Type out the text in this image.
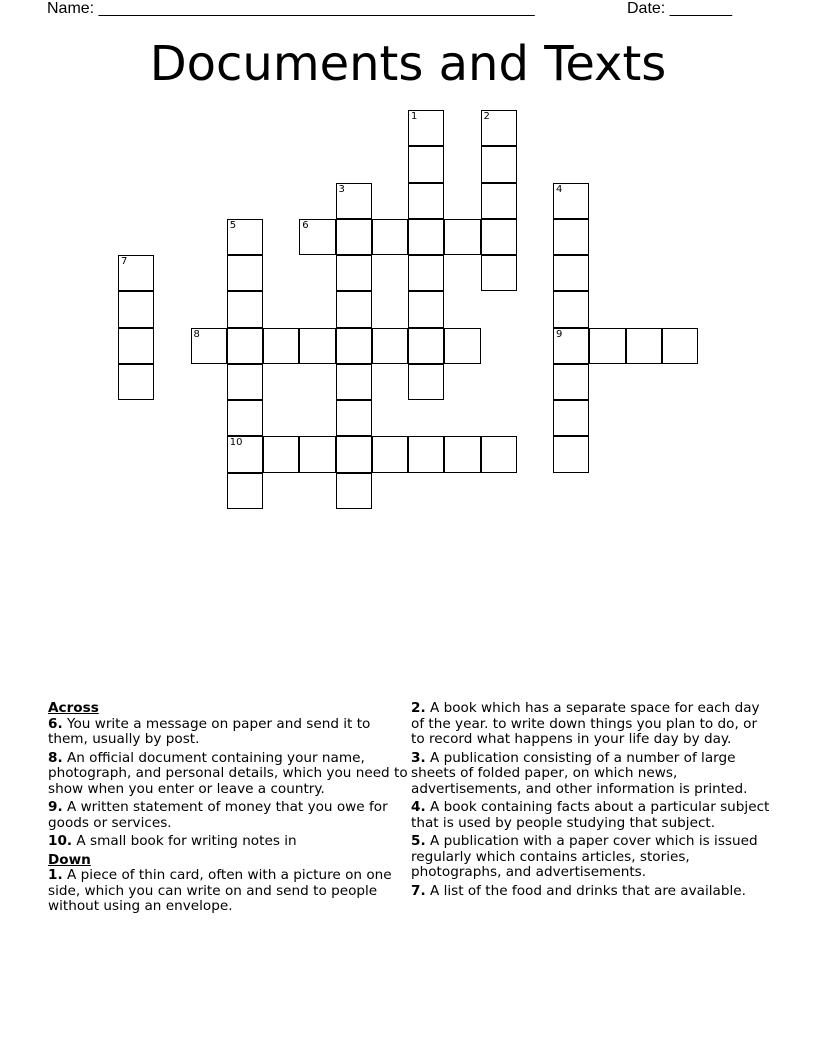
Name: _________________________________________________	Date: _______
Documents and Texts
1	2
3	4
9
5
10
6
7
8
Across
6. You write a message on paper and send it to them, usually by post.
8. An official document containing your name, photograph, and personal details, which you need to show when you enter or leave a country.
9. A written statement of money that you owe for goods or services.
10. A small book for writing notes in
Down
1. A piece of thin card, often with a picture on one side, which you can write on and send to people without using an envelope.
2. A book which has a separate space for each day of the year. to write down things you plan to do, or to record what happens in your life day by day.
3. A publication consisting of a number of large sheets of folded paper, on which news, advertisements, and other information is printed.
4. A book containing facts about a particular subject that is used by people studying that subject.
5. A publication with a paper cover which is issued regularly which contains articles, stories, photographs, and advertisements.
7. A list of the food and drinks that are available.
